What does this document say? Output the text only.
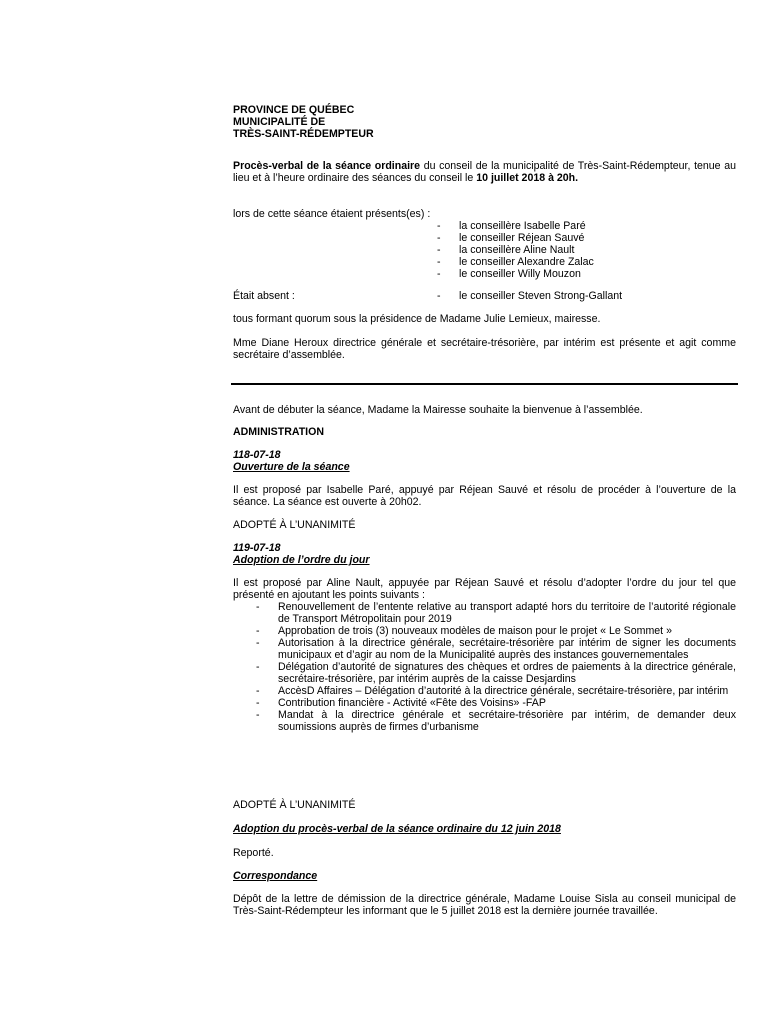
PROVINCE DE QUÉBEC
MUNICIPALITÉ DE
TRÈS-SAINT-RÉDEMPTEUR
Procès-verbal de la séance ordinaire du conseil de la municipalité de Très-Saint-Rédempteur, tenue au lieu et à l’heure ordinaire des séances du conseil le 10 juillet 2018 à 20h.
lors de cette séance étaient présents(es) :
- la conseillère Isabelle Paré
- le conseiller Réjean Sauvé
- la conseillère Aline Nault
- le conseiller Alexandre Zalac
- le conseiller Willy Mouzon
Était absent :	- le conseiller Steven Strong-Gallant
tous formant quorum sous la présidence de Madame Julie Lemieux, mairesse.
Mme Diane Heroux directrice générale et secrétaire-trésorière, par intérim est présente et agit comme secrétaire d’assemblée.
Avant de débuter la séance, Madame la Mairesse souhaite la bienvenue à l’assemblée.
ADMINISTRATION
118-07-18
Ouverture de la séance
Il est proposé par Isabelle Paré, appuyé par Réjean Sauvé et résolu de procéder à l’ouverture de la séance. La séance est ouverte à 20h02.
ADOPTÉ À L’UNANIMITÉ
119-07-18
Adoption de l’ordre du jour
Il est proposé par Aline Nault, appuyée par Réjean Sauvé et résolu d’adopter l’ordre du jour tel que présenté en ajoutant les points suivants :
- Renouvellement de l’entente relative au transport adapté hors du territoire de l’autorité régionale de Transport Métropolitain pour 2019
- Approbation de trois (3) nouveaux modèles de maison pour le projet « Le Sommet »
- Autorisation à la directrice générale, secrétaire-trésorière par intérim de signer les documents municipaux et d’agir au nom de la Municipalité auprès des instances gouvernementales
- Délégation d’autorité de signatures des chèques et ordres de paiements à la directrice générale, secrétaire-trésorière, par intérim auprès de la caisse Desjardins
- AccèsD Affaires – Délégation d’autorité à la directrice générale, secrétaire-trésorière, par intérim
- Contribution financière - Activité «Fête des Voisins» -FAP
- Mandat à la directrice générale et secrétaire-trésorière par intérim, de demander deux soumissions auprès de firmes d’urbanisme
ADOPTÉ À L’UNANIMITÉ
Adoption du procès-verbal de la séance ordinaire du 12 juin 2018
Reporté.
Correspondance
Dépôt de la lettre de démission de la directrice générale, Madame Louise Sisla au conseil municipal de Très-Saint-Rédempteur les informant que le 5 juillet 2018 est la dernière journée travaillée.
